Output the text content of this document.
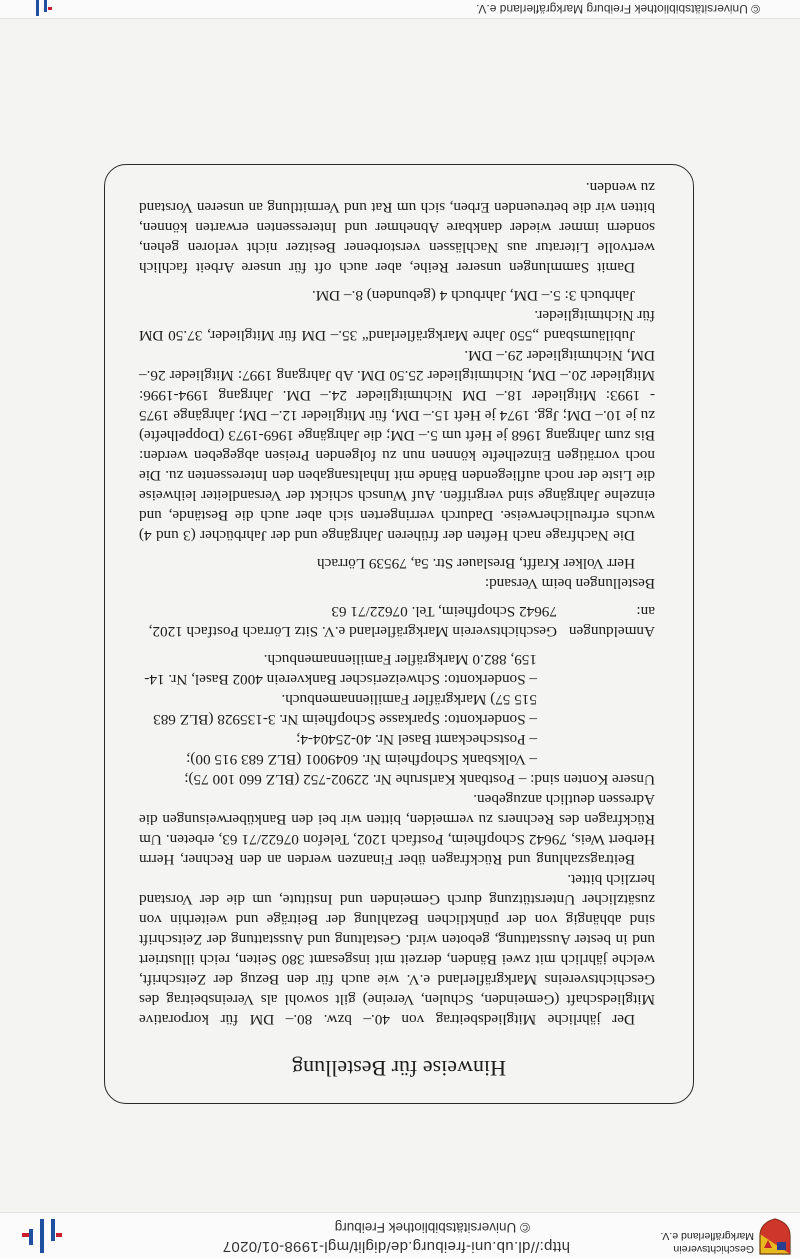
Geschichtsverein
Markgräflerland e.V.
http://dl.ub.uni-freiburg.de/diglit/mgl-1998-01/0207
© Universitätsbibliothek Freiburg
Hinweise für Bestellung

Der jährliche Mitgliedsbeitrag von 40.– bzw. 80.– DM für korporative Mitgliedschaft (Gemeinden, Schulen, Vereine) gilt sowohl als Vereinsbeitrag des Geschichtsvereins Markgräflerland e.V. wie auch für den Bezug der Zeitschrift, welche jährlich mit zwei Bänden, derzeit mit insgesamt 380 Seiten, reich illustriert und in bester Ausstattung, geboten wird. Gestaltung und Ausstattung der Zeitschrift sind abhängig von der pünktlichen Bezahlung der Beiträge und weiterhin von zusätzlicher Unterstützung durch Gemeinden und Institute, um die der Vorstand herzlich bittet.

Beitragszahlung und Rückfragen über Finanzen werden an den Rechner, Herrn Herbert Weis, 79642 Schopfheim, Postfach 1202, Telefon 07622/71 63, erbeten. Um Rückfragen des Rechners zu vermeiden, bitten wir bei den Banküberweisungen die Adressen deutlich anzugeben.

Unsere Konten sind: – Postbank Karlsruhe Nr. 22902-752 (BLZ 660 100 75);

– Volksbank Schopfheim Nr. 6049001 (BLZ 683 915 00);

– Postscheckamt Basel Nr. 40-25404-4;

– Sonderkonto: Sparkasse Schopfheim Nr. 3-135928 (BLZ 683 515 57) Markgräfler Familiennamenbuch.

– Sonderkonto: Schweizerischer Bankverein 4002 Basel, Nr. 14-159, 882.0 Markgräfler Familiennamenbuch.

Anmeldungen an:
Geschichtsverein Markgräflerland e.V. Sitz Lörrach Postfach 1202, 79642 Schopfheim, Tel. 07622/71 63

Bestellungen beim Versand:

Herr Volker Krafft, Breslauer Str. 5a, 79539 Lörrach

Die Nachfrage nach Heften der früheren Jahrgänge und der Jahrbücher (3 und 4) wuchs erfreulicherweise. Dadurch verringerten sich aber auch die Bestände, und einzelne Jahrgänge sind vergriffen. Auf Wunsch schickt der Versandleiter leihweise die Liste der noch aufliegenden Bände mit Inhaltsangaben den Interessenten zu. Die noch vorrätigen Einzelhefte können nun zu folgenden Preisen abgegeben werden: Bis zum Jahrgang 1968 je Heft um 5.– DM; die Jahrgänge 1969-1973 (Doppelhefte) zu je 10.– DM; Jgg. 1974 je Heft 15.– DM, für Mitglieder 12.– DM; Jahrgänge 1975 - 1993: Mitglieder 18.– DM Nichtmitglieder 24.– DM. Jahrgang 1994-1996: Mitglieder 20.– DM, Nichtmitglieder 25.50 DM. Ab Jahrgang 1997: Mitglieder 26.– DM, Nichtmitglieder 29.– DM.

Jubiläumsband „550 Jahre Markgräflerland“ 35.– DM für Mitglieder, 37.50 DM für Nichtmitglieder.

Jahrbuch 3: 5.– DM, Jahrbuch 4 (gebunden) 8.– DM.

Damit Sammlungen unserer Reihe, aber auch oft für unsere Arbeit fachlich wertvolle Literatur aus Nachlässen verstorbener Besitzer nicht verloren gehen, sondern immer wieder dankbare Abnehmer und Interessenten erwarten können, bitten wir die betreuenden Erben, sich um Rat und Vermittlung an unseren Vorstand zu wenden.

© Universitätsbibliothek Freiburg Markgräflerland e.V.
